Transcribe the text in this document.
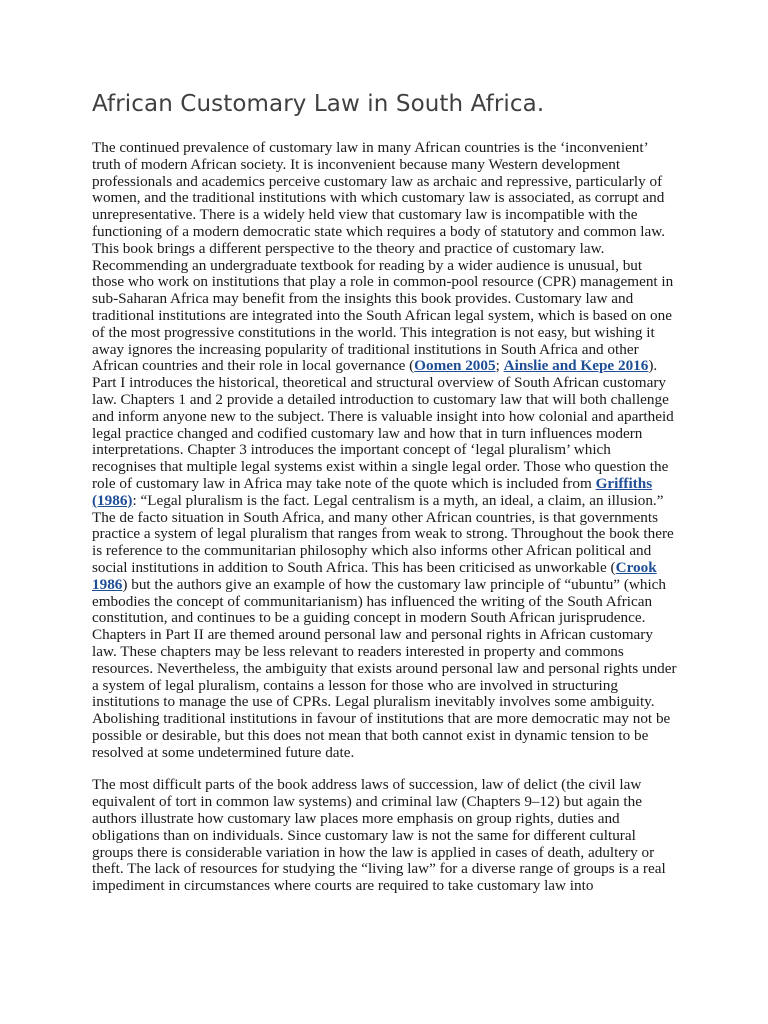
African Customary Law in South Africa.

The continued prevalence of customary law in many African countries is the ‘inconvenient’ truth of modern African society. It is inconvenient because many Western development professionals and academics perceive customary law as archaic and repressive, particularly of women, and the traditional institutions with which customary law is associated, as corrupt and unrepresentative. There is a widely held view that customary law is incompatible with the functioning of a modern democratic state which requires a body of statutory and common law. This book brings a different perspective to the theory and practice of customary law. Recommending an undergraduate textbook for reading by a wider audience is unusual, but those who work on institutions that play a role in common-pool resource (CPR) management in sub-Saharan Africa may benefit from the insights this book provides. Customary law and traditional institutions are integrated into the South African legal system, which is based on one of the most progressive constitutions in the world. This integration is not easy, but wishing it away ignores the increasing popularity of traditional institutions in South Africa and other African countries and their role in local governance (Oomen 2005; Ainslie and Kepe 2016).

Part I introduces the historical, theoretical and structural overview of South African customary law. Chapters 1 and 2 provide a detailed introduction to customary law that will both challenge and inform anyone new to the subject. There is valuable insight into how colonial and apartheid legal practice changed and codified customary law and how that in turn influences modern interpretations. Chapter 3 introduces the important concept of ‘legal pluralism’ which recognises that multiple legal systems exist within a single legal order. Those who question the role of customary law in Africa may take note of the quote which is included from Griffiths (1986): “Legal pluralism is the fact. Legal centralism is a myth, an ideal, a claim, an illusion.” The de facto situation in South Africa, and many other African countries, is that governments practice a system of legal pluralism that ranges from weak to strong. Throughout the book there is reference to the communitarian philosophy which also informs other African political and social institutions in addition to South Africa. This has been criticised as unworkable (Crook 1986) but the authors give an example of how the customary law principle of “ubuntu” (which embodies the concept of communitarianism) has influenced the writing of the South African constitution, and continues to be a guiding concept in modern South African jurisprudence.

Chapters in Part II are themed around personal law and personal rights in African customary law. These chapters may be less relevant to readers interested in property and commons resources. Nevertheless, the ambiguity that exists around personal law and personal rights under a system of legal pluralism, contains a lesson for those who are involved in structuring institutions to manage the use of CPRs. Legal pluralism inevitably involves some ambiguity. Abolishing traditional institutions in favour of institutions that are more democratic may not be possible or desirable, but this does not mean that both cannot exist in dynamic tension to be resolved at some undetermined future date.

The most difficult parts of the book address laws of succession, law of delict (the civil law equivalent of tort in common law systems) and criminal law (Chapters 9–12) but again the authors illustrate how customary law places more emphasis on group rights, duties and obligations than on individuals. Since customary law is not the same for different cultural groups there is considerable variation in how the law is applied in cases of death, adultery or theft. The lack of resources for studying the “living law” for a diverse range of groups is a real impediment in circumstances where courts are required to take customary law into
